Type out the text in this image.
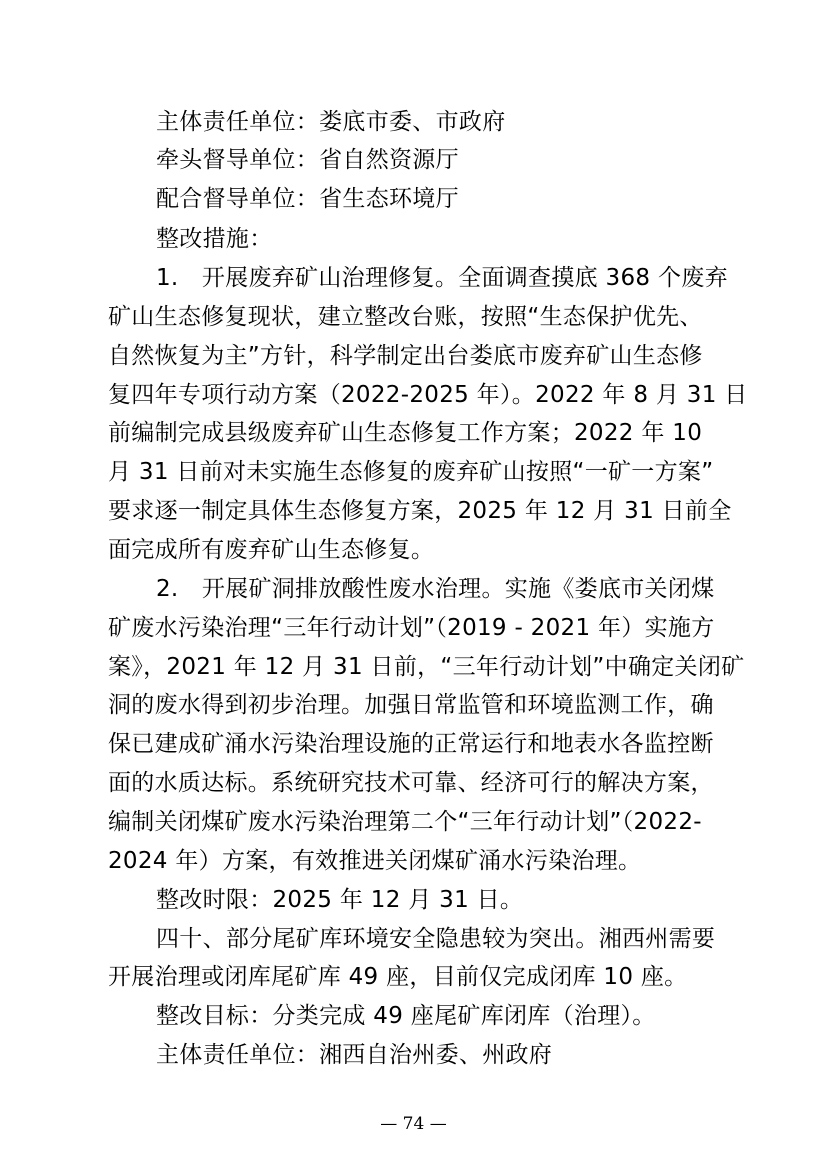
主体责任单位：娄底市委、市政府
牵头督导单位：省自然资源厅
配合督导单位：省生态环境厅
整改措施：
1.　开展废弃矿山治理修复。全面调查摸底 368 个废弃
矿山生态修复现状，建立整改台账，按照“生态保护优先、
自然恢复为主”方针，科学制定出台娄底市废弃矿山生态修
复四年专项行动方案（2022-2025 年）。2022 年 8 月 31 日
前编制完成县级废弃矿山生态修复工作方案；2022 年 10
月 31 日前对未实施生态修复的废弃矿山按照“一矿一方案”
要求逐一制定具体生态修复方案，2025 年 12 月 31 日前全
面完成所有废弃矿山生态修复。
2.　开展矿洞排放酸性废水治理。实施《娄底市关闭煤
矿废水污染治理“三年行动计划”（2019 - 2021 年）实施方
案》，2021 年 12 月 31 日前，“三年行动计划”中确定关闭矿
洞的废水得到初步治理。加强日常监管和环境监测工作，确
保已建成矿涌水污染治理设施的正常运行和地表水各监控断
面的水质达标。系统研究技术可靠、经济可行的解决方案，
编制关闭煤矿废水污染治理第二个“三年行动计划”（2022-
2024 年）方案，有效推进关闭煤矿涌水污染治理。
整改时限：2025 年 12 月 31 日。
四十、部分尾矿库环境安全隐患较为突出。湘西州需要
开展治理或闭库尾矿库 49 座，目前仅完成闭库 10 座。
整改目标：分类完成 49 座尾矿库闭库（治理）。
主体责任单位：湘西自治州委、州政府
— 74 —
